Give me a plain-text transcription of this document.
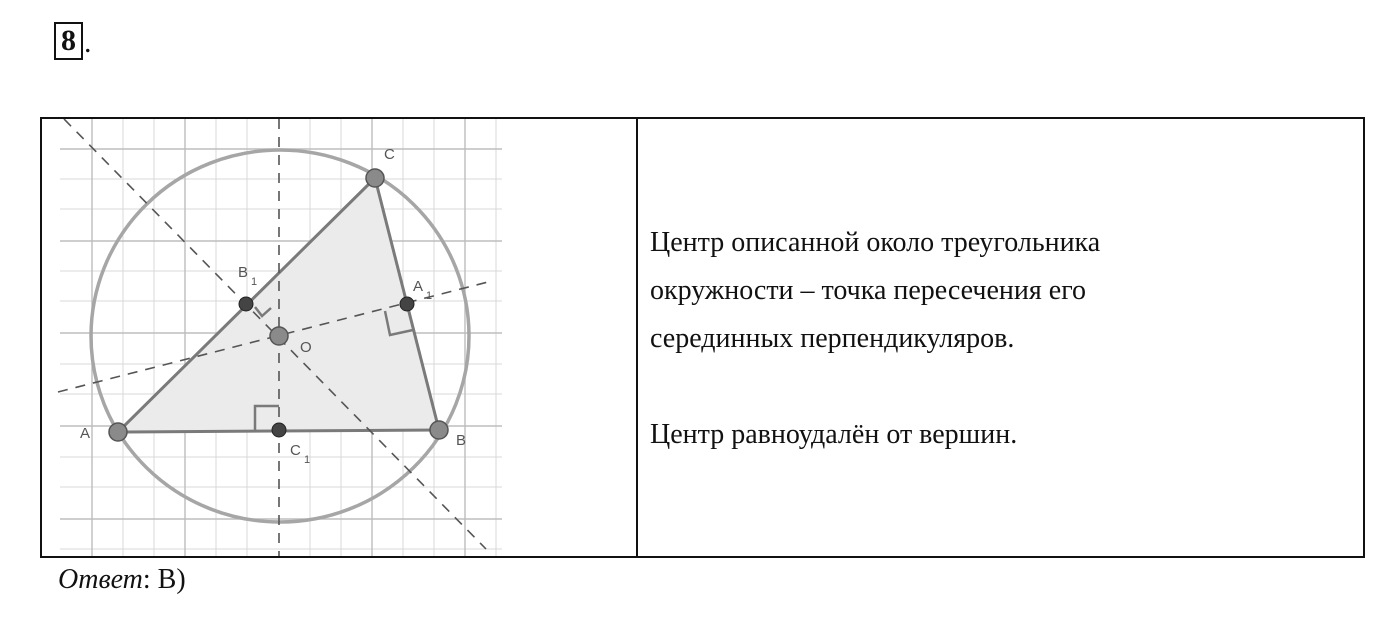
8 .
A	B
C
O
B
1	A
1
C
1

Центр описанной около треугольника

окружности – точка пересечения его

серединных перпендикуляров.

Центр равноудалён от вершин.

Ответ: В)
